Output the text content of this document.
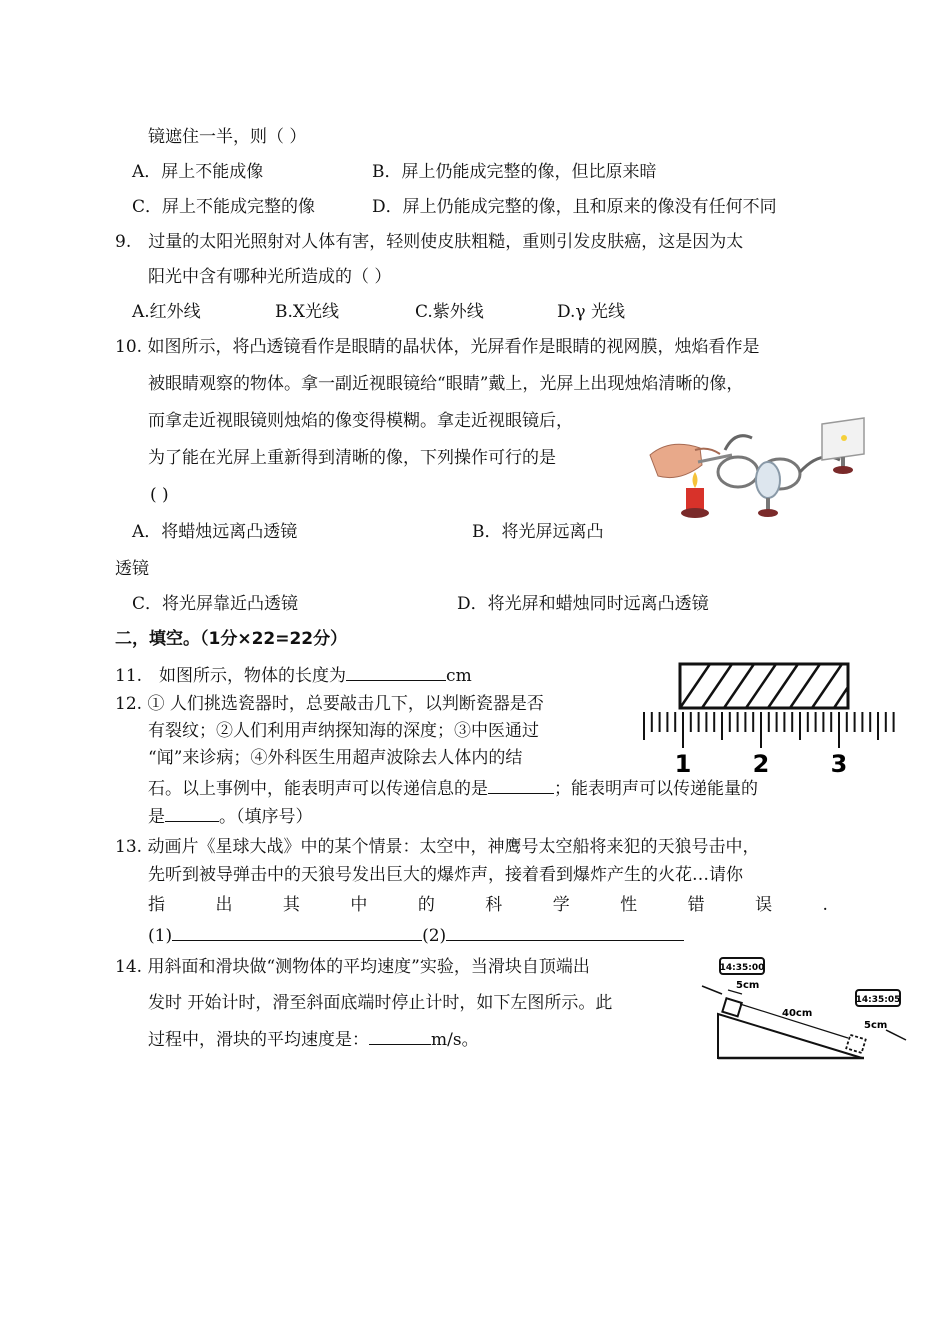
镜遮住一半，则（ ）
A．屏上不能成像	B．屏上仍能成完整的像，但比原来暗
C．屏上不能成完整的像	D．屏上仍能成完整的像，且和原来的像没有任何不同
9.　过量的太阳光照射对人体有害，轻则使皮肤粗糙，重则引发皮肤癌，这是因为太
阳光中含有哪种光所造成的（ ）
A.红外线	B.X光线	C.紫外线	D.γ 光线
10. 如图所示，将凸透镜看作是眼睛的晶状体，光屏看作是眼睛的视网膜，烛焰看作是
被眼睛观察的物体。拿一副近视眼镜给“眼睛”戴上，光屏上出现烛焰清晰的像，
而拿走近视眼镜则烛焰的像变得模糊。拿走近视眼镜后，
为了能在光屏上重新得到清晰的像，下列操作可行的是
( )
A．将蜡烛远离凸透镜	B．将光屏远离凸
透镜
C．将光屏靠近凸透镜	D．将光屏和蜡烛同时远离凸透镜
二，填空。（1分×22=22分）
11.　如图所示，物体的长度为	cm
1	2	3
12. ① 人们挑选瓷器时，总要敲击几下，以判断瓷器是否
有裂纹；②人们利用声纳探知海的深度；③中医通过
“闻”来诊病；④外科医生用超声波除去人体内的结
石。以上事例中，能表明声可以传递信息的是	；能表明声可以传递能量的
是	。（填序号）
13. 动画片《星球大战》中的某个情景：太空中，神鹰号太空船将来犯的天狼号击中，
先听到被导弹击中的天狼号发出巨大的爆炸声，接着看到爆炸产生的火花…请你
指	出	其	中	的	科	学	性	错	误	.
(1)	(2)
14. 用斜面和滑块做“测物体的平均速度”实验，当滑块自顶端出
发时 开始计时，滑至斜面底端时停止计时，如下左图所示。此
过程中，滑块的平均速度是：	m/s。
14:35:00
14:35:05
5cm
40cm
5cm
